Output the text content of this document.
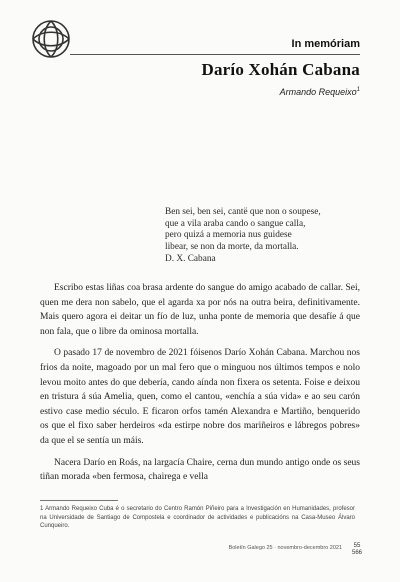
In memóriam
Darío Xohán Cabana
Armando Requeixo$^1$
Ben sei, ben sei, cantë que non o soupese,
que a vila araba cando o sangue calla,
pero quizá a memoria nus guidese
libear, se non da morte, da mortalla.
D. X. Cabana

Escribo estas liñas coa brasa ardente do sangue do amigo acabado de callar. Sei, quen me dera non sabelo, que el agarda xa por nós na outra beira, definitivamente. Mais quero agora ei deitar un fío de luz, unha ponte de memoria que desafíe á que non fala, que o libre da ominosa mortalla.

O pasado 17 de novembro de 2021 fóisenos Darío Xohán Cabana. Marchou nos frios da noite, magoado por un mal fero que o minguou nos últimos tempos e nolo levou moito antes do que debería, cando aínda non fixera os setenta. Foise e deixou en tristura á súa Amelia, quen, como el cantou, «enchía a súa vida» e ao seu carón estivo case medio século. E ficaron orfos tamén Alexandra e Martiño, benquerido os que el fixo saber herdeiros «da estirpe nobre dos mariñeiros e lábregos pobres» da que el se sentía un máis.

Nacera Darío en Roás, na largacía Chaire, cerna dun mundo antigo onde os seus tiñan morada «ben fermosa, chairega e vella

1 Armando Requeixo Cuba é o secretario do Centro Ramón Piñeiro para a Investigación en Humanidades, profesor na Universidade de Santiago de Compostela e coordinador de actividades e publicacións na Casa-Museo Álvaro Cunqueiro.
Boletín Galego 25 · novembro-decembro 2021 55
566
